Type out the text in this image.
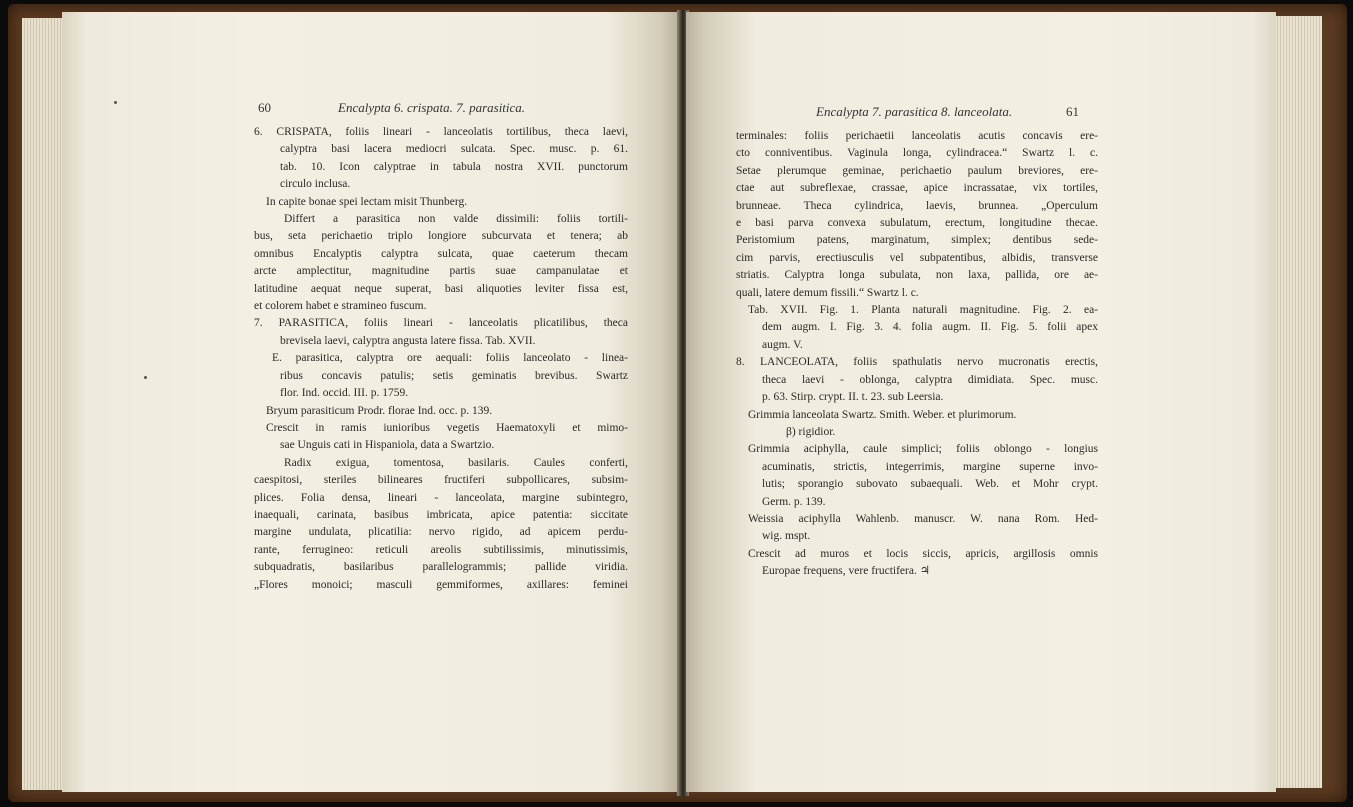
60	Encalypta 6. crispata. 7. parasitica.
6. CRISPATA, foliis lineari - lanceolatis tortilibus, theca laevi,
calyptra basi lacera mediocri sulcata. Spec. musc. p. 61.
tab. 10. Icon calyptrae in tabula nostra XVII. punctorum
circulo inclusa.
In capite bonae spei lectam misit Thunberg.
Differt a parasitica non valde dissimili: foliis tortili-
bus, seta perichaetio triplo longiore subcurvata et tenera; ab
omnibus Encalyptis calyptra sulcata, quae caeterum thecam
arcte amplectitur, magnitudine partis suae campanulatae et
latitudine aequat neque superat, basi aliquoties leviter fissa est,
et colorem habet e stramineo fuscum.
7. PARASITICA, foliis lineari - lanceolatis plicatilibus, theca
brevisela laevi, calyptra angusta latere fissa. Tab. XVII.
E. parasitica, calyptra ore aequali: foliis lanceolato - linea-
ribus concavis patulis; setis geminatis brevibus. Swartz
flor. Ind. occid. III. p. 1759.
Bryum parasiticum Prodr. florae Ind. occ. p. 139.
Crescit in ramis iunioribus vegetis Haematoxyli et mimo-
sae Unguis cati in Hispaniola, data a Swartzio.
Radix exigua, tomentosa, basilaris. Caules conferti,
caespitosi, steriles bilineares fructiferi subpollicares, subsim-
plices. Folia densa, lineari - lanceolata, margine subintegro,
inaequali, carinata, basibus imbricata, apice patentia: siccitate
margine undulata, plicatilia: nervo rigido, ad apicem perdu-
rante, ferrugineo: reticuli areolis subtilissimis, minutissimis,
subquadratis, basilaribus parallelogrammis; pallide viridia.
„Flores monoici; masculi gemmiformes, axillares: feminei
Encalypta 7. parasitica 8. lanceolata.	61
terminales: foliis perichaetii lanceolatis acutis concavis ere-
cto conniventibus. Vaginula longa, cylindracea.“ Swartz l. c.
Setae plerumque geminae, perichaetio paulum breviores, ere-
ctae aut subreflexae, crassae, apice incrassatae, vix tortiles,
brunneae. Theca cylindrica, laevis, brunnea. „Operculum
e basi parva convexa subulatum, erectum, longitudine thecae.
Peristomium patens, marginatum, simplex; dentibus sede-
cim parvis, erectiusculis vel subpatentibus, albidis, transverse
striatis. Calyptra longa subulata, non laxa, pallida, ore ae-
quali, latere demum fissili.“ Swartz l. c.
Tab. XVII. Fig. 1. Planta naturali magnitudine. Fig. 2. ea-
dem augm. I. Fig. 3. 4. folia augm. II. Fig. 5. folii apex
augm. V.
8. LANCEOLATA, foliis spathulatis nervo mucronatis erectis,
theca laevi - oblonga, calyptra dimidiata. Spec. musc.
p. 63. Stirp. crypt. II. t. 23. sub Leersia.
Grimmia lanceolata Swartz. Smith. Weber. et plurimorum.
β) rigidior.
Grimmia aciphylla, caule simplici; foliis oblongo - longius
acuminatis, strictis, integerrimis, margine superne invo-
lutis; sporangio subovato subaequali. Web. et Mohr crypt.
Germ. p. 139.
Weissia aciphylla Wahlenb. manuscr. W. nana Rom. Hed-
wig. mspt.
Crescit ad muros et locis siccis, apricis, argillosis omnis
Europae frequens, vere fructifera. ♃
